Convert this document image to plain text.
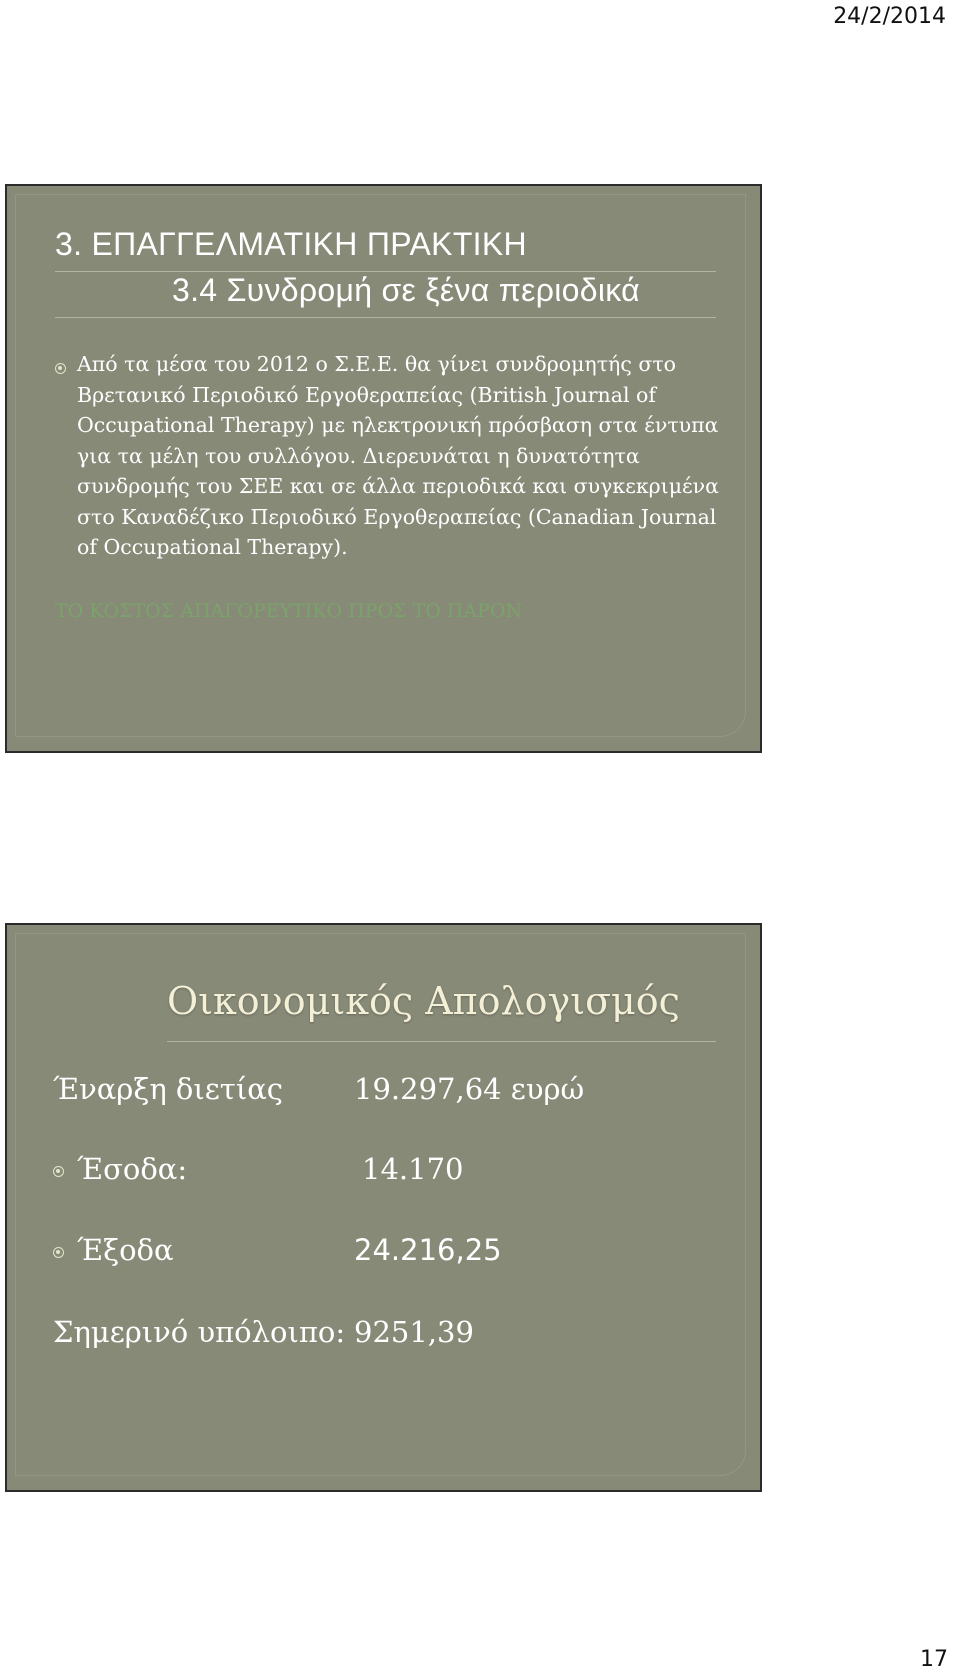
24/2/2014
3. ΕΠΑΓΓΕΛΜΑΤΙΚΗ ΠΡΑΚΤΙΚΗ
3.4 Συνδρομή σε ξένα περιοδικά

Από τα μέσα του 2012 ο Σ.Ε.Ε. θα γίνει συνδρομητής στο Βρετανικό Περιοδικό Εργοθεραπείας (British Journal of Occupational Therapy) με ηλεκτρονική πρόσβαση στα έντυπα για τα μέλη του συλλόγου. Διερευνάται η δυνατότητα συνδρομής του ΣΕΕ και σε άλλα περιοδικά και συγκεκριμένα στο Καναδέζικο Περιοδικό Εργοθεραπείας (Canadian Journal of Occupational Therapy).

ΤΟ ΚΟΣΤΟΣ ΑΠΑΓΟΡΕΥΤΙΚΟ ΠΡΟΣ ΤΟ ΠΑΡΟΝ
Οικονομικός Απολογισμός
Έναρξη διετίας 19.297,64 ευρώ
Έσοδα:	14.170
Έξοδα	24.216,25
Σημερινό υπόλοιπο: 9251,39
17
